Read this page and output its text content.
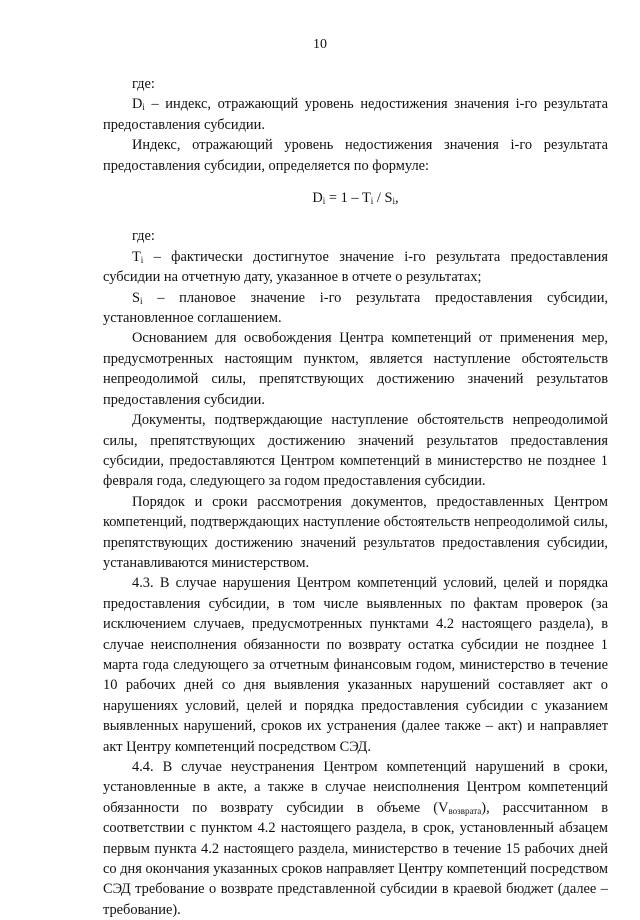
10

где:

$D_i$ – индекс, отражающий уровень недостижения значения i-го результата предоставления субсидии.

Индекс, отражающий уровень недостижения значения i-го результата предоставления субсидии, определяется по формуле:

$D_i = 1 - T_i / S_i$,

где:

$T_i$ – фактически достигнутое значение i-го результата предоставления субсидии на отчетную дату, указанное в отчете о результатах;

$S_i$ – плановое значение i-го результата предоставления субсидии, установленное соглашением.

Основанием для освобождения Центра компетенций от применения мер, предусмотренных настоящим пунктом, является наступление обстоятельств непреодолимой силы, препятствующих достижению значений результатов предоставления субсидии.

Документы, подтверждающие наступление обстоятельств непреодолимой силы, препятствующих достижению значений результатов предоставления субсидии, предоставляются Центром компетенций в министерство не позднее 1 февраля года, следующего за годом предоставления субсидии.

Порядок и сроки рассмотрения документов, предоставленных Центром компетенций, подтверждающих наступление обстоятельств непреодолимой силы, препятствующих достижению значений результатов предоставления субсидии, устанавливаются министерством.

4.3. В случае нарушения Центром компетенций условий, целей и порядка предоставления субсидии, в том числе выявленных по фактам проверок (за исключением случаев, предусмотренных пунктами 4.2 настоящего раздела), в случае неисполнения обязанности по возврату остатка субсидии не позднее 1 марта года следующего за отчетным финансовым годом, министерство в течение 10 рабочих дней со дня выявления указанных нарушений составляет акт о нарушениях условий, целей и порядка предоставления субсидии с указанием выявленных нарушений, сроков их устранения (далее также – акт) и направляет акт Центру компетенций посредством СЭД.

4.4. В случае неустранения Центром компетенций нарушений в сроки, установленные в акте, а также в случае неисполнения Центром компетенций обязанности по возврату субсидии в объеме $(V_{возврата})$, рассчитанном в соответствии с пунктом 4.2 настоящего раздела, в срок, установленный абзацем первым пункта 4.2 настоящего раздела, министерство в течение 15 рабочих дней со дня окончания указанных сроков направляет Центру компетенций посредством СЭД требование о возврате представленной субсидии в краевой бюджет (далее – требование).
